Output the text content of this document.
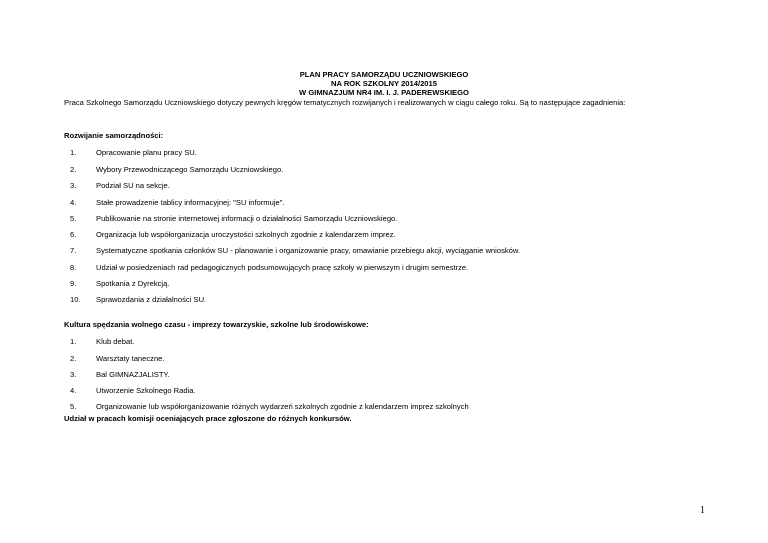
PLAN PRACY SAMORZĄDU UCZNIOWSKIEGO
NA ROK SZKOLNY 2014/2015
W GIMNAZJUM NR4 IM. I. J. PADEREWSKIEGO
Praca Szkolnego Samorządu Uczniowskiego dotyczy pewnych kręgów tematycznych rozwijanych i realizowanych w ciągu całego roku. Są to następujące zagadnienia:
Rozwijanie samorządności:
1.	Opracowanie planu pracy SU.
2.	Wybory Przewodniczącego Samorządu Uczniowskiego.
3.	Podział SU na sekcje.
4.	Stałe prowadzenie tablicy informacyjnej: "SU informuje".
5.	Publikowanie na stronie internetowej informacji o działalności Samorządu Uczniowskiego.
6.	Organizacja lub współorganizacja uroczystości szkolnych zgodnie z kalendarzem imprez.
7.	Systematyczne spotkania członków SU - planowanie i organizowanie pracy, omawianie przebiegu akcji, wyciąganie wniosków.
8.	Udział w posiedzeniach rad pedagogicznych podsumowujących pracę szkoły w pierwszym i drugim semestrze.
9.	Spotkania z Dyrekcją.
10. Sprawozdania z działalności SU.
Kultura spędzania wolnego czasu - imprezy towarzyskie, szkolne lub środowiskowe:
1.	Klub debat.
2.	Warsztaty taneczne.
3.	Bal GIMNAZJALISTY.
4.	Utworzenie Szkolnego Radia.
5.	Organizowanie lub współorganizowanie różnych wydarzeń szkolnych zgodnie z kalendarzem imprez szkolnych
Udział w pracach komisji oceniających prace zgłoszone do różnych konkursów.
1
